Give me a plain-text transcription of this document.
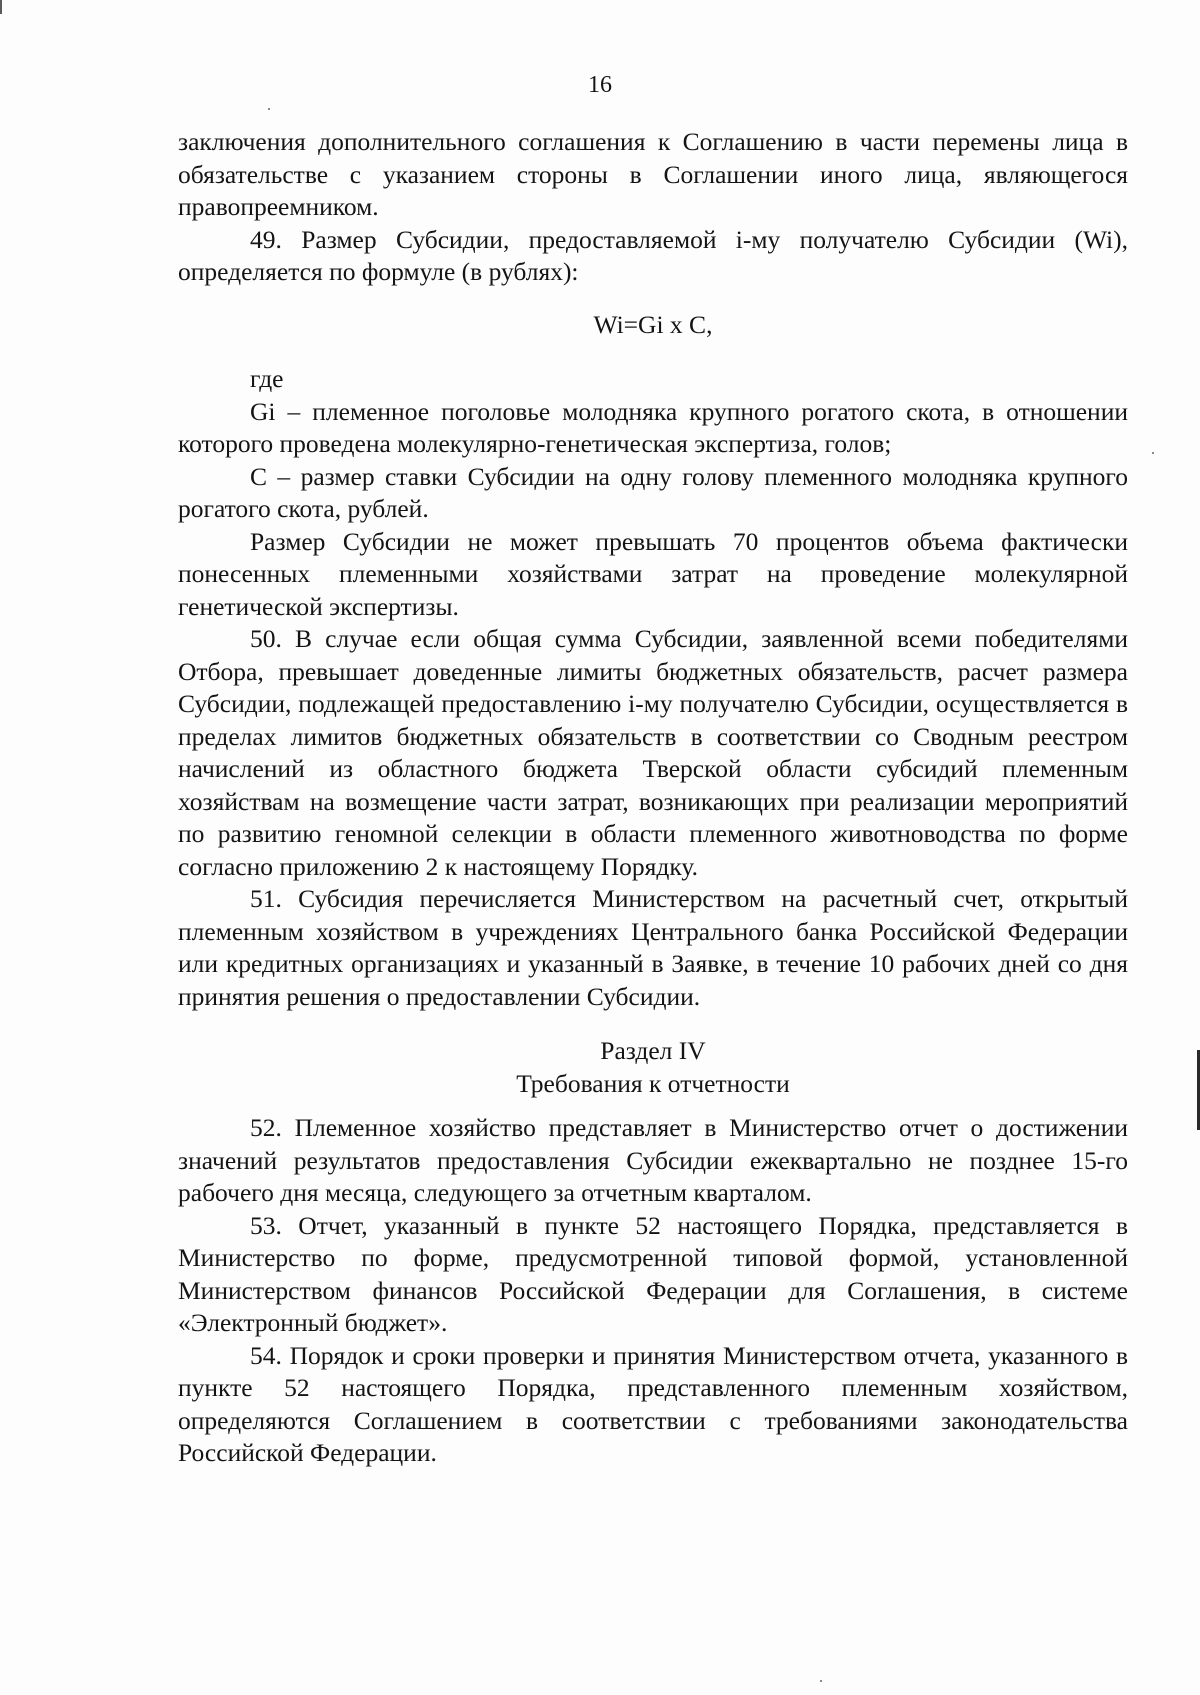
16

заключения дополнительного соглашения к Соглашению в части перемены лица в обязательстве с указанием стороны в Соглашении иного лица, являющегося правопреемником.

49. Размер Субсидии, предоставляемой i-му получателю Субсидии (Wi), определяется по формуле (в рублях):

Wi=Gi x C,

где

Gi – племенное поголовье молодняка крупного рогатого скота, в отношении которого проведена молекулярно-генетическая экспертиза, голов;

C – размер ставки Субсидии на одну голову племенного молодняка крупного рогатого скота, рублей.

Размер Субсидии не может превышать 70 процентов объема фактически понесенных племенными хозяйствами затрат на проведение молекулярной генетической экспертизы.

50. В случае если общая сумма Субсидии, заявленной всеми победителями Отбора, превышает доведенные лимиты бюджетных обязательств, расчет размера Субсидии, подлежащей предоставлению i-му получателю Субсидии, осуществляется в пределах лимитов бюджетных обязательств в соответствии со Сводным реестром начислений из областного бюджета Тверской области субсидий племенным хозяйствам на возмещение части затрат, возникающих при реализации мероприятий по развитию геномной селекции в области племенного животноводства по форме согласно приложению 2 к настоящему Порядку.

51. Субсидия перечисляется Министерством на расчетный счет, открытый племенным хозяйством в учреждениях Центрального банка Российской Федерации или кредитных организациях и указанный в Заявке, в течение 10 рабочих дней со дня принятия решения о предоставлении Субсидии.

Раздел IV

Требования к отчетности

52. Племенное хозяйство представляет в Министерство отчет о достижении значений результатов предоставления Субсидии ежеквартально не позднее 15-го рабочего дня месяца, следующего за отчетным кварталом.

53. Отчет, указанный в пункте 52 настоящего Порядка, представляется в Министерство по форме, предусмотренной типовой формой, установленной Министерством финансов Российской Федерации для Соглашения, в системе «Электронный бюджет».

54. Порядок и сроки проверки и принятия Министерством отчета, указанного в пункте 52 настоящего Порядка, представленного племенным хозяйством, определяются Соглашением в соответствии с требованиями законодательства Российской Федерации.
